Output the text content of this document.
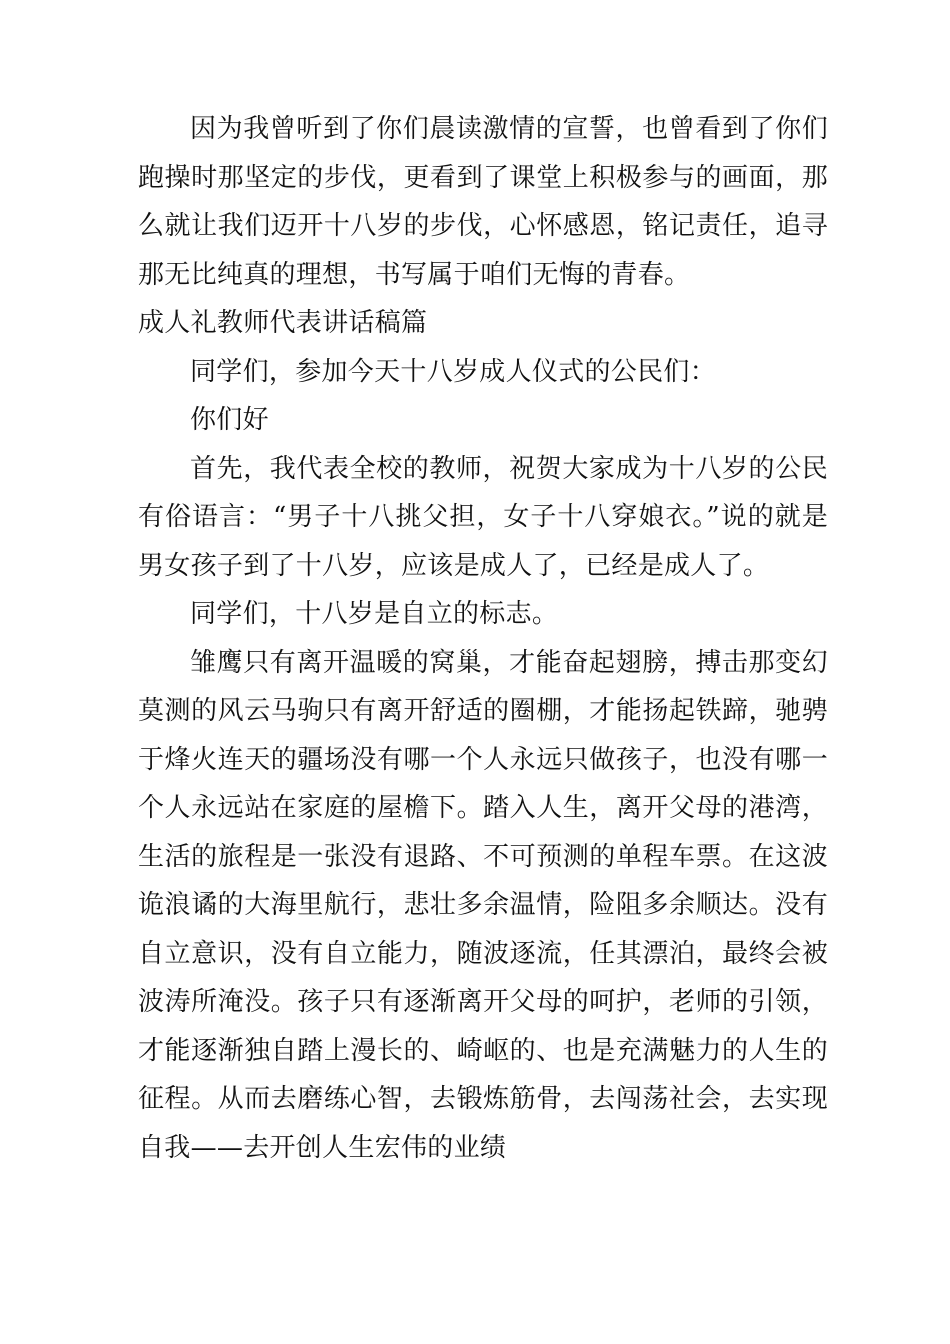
因为我曾听到了你们晨读激情的宣誓，也曾看到了你们跑操时那坚定的步伐，更看到了课堂上积极参与的画面，那么就让我们迈开十八岁的步伐，心怀感恩，铭记责任，追寻那无比纯真的理想，书写属于咱们无悔的青春。

成人礼教师代表讲话稿篇

同学们，参加今天十八岁成人仪式的公民们：

你们好

首先，我代表全校的教师，祝贺大家成为十八岁的公民有俗语言：“男子十八挑父担，女子十八穿娘衣。”说的就是男女孩子到了十八岁，应该是成人了，已经是成人了。

同学们，十八岁是自立的标志。

雏鹰只有离开温暖的窝巢，才能奋起翅膀，搏击那变幻莫测的风云马驹只有离开舒适的圈棚，才能扬起铁蹄，驰骋于烽火连天的疆场没有哪一个人永远只做孩子，也没有哪一个人永远站在家庭的屋檐下。踏入人生，离开父母的港湾，生活的旅程是一张没有退路、不可预测的单程车票。在这波诡浪谲的大海里航行，悲壮多余温情，险阻多余顺达。没有自立意识，没有自立能力，随波逐流，任其漂泊，最终会被波涛所淹没。孩子只有逐渐离开父母的呵护，老师的引领，才能逐渐独自踏上漫长的、崎岖的、也是充满魅力的人生的征程。从而去磨练心智，去锻炼筋骨，去闯荡社会，去实现自我——去开创人生宏伟的业绩
